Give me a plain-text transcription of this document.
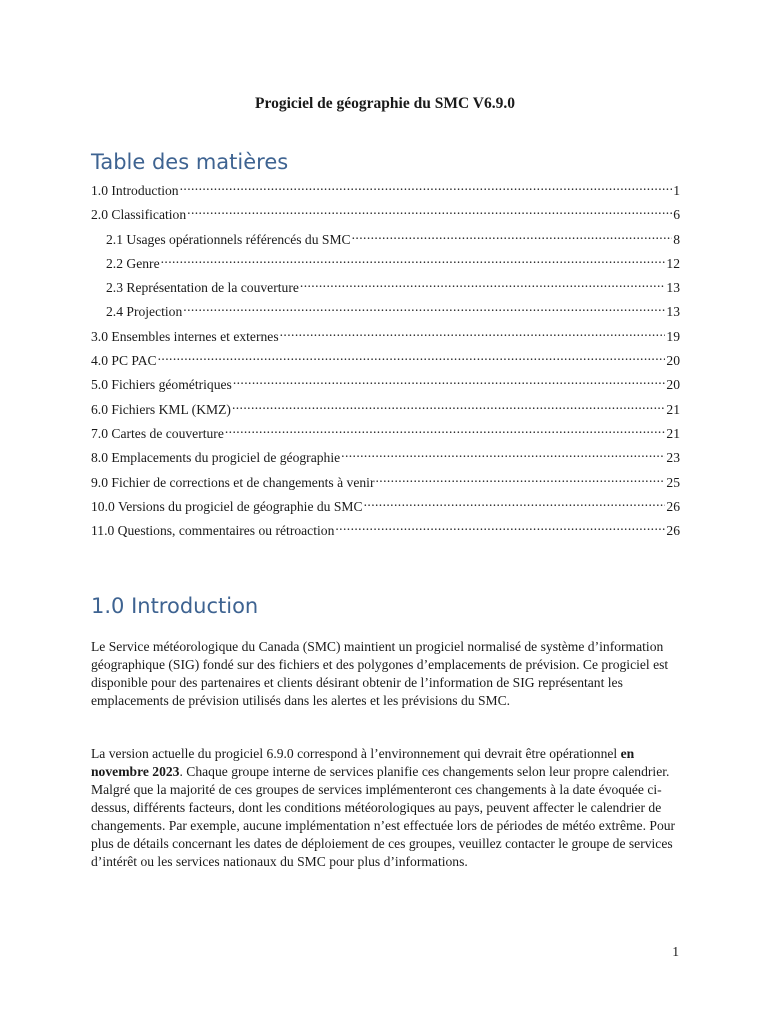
Progiciel de géographie du SMC V6.9.0
Table des matières
1.0 Introduction .....	1
2.0 Classification .....	6
2.1 Usages opérationnels référencés du SMC .....	8
2.2 Genre .....	12
2.3 Représentation de la couverture .....	13
2.4 Projection .....	13
3.0 Ensembles internes et externes .....	19
4.0 PC PAC .....	20
5.0 Fichiers géométriques .....	20
6.0 Fichiers KML (KMZ) .....	21
7.0 Cartes de couverture .....	21
8.0 Emplacements du progiciel de géographie .....	23
9.0 Fichier de corrections et de changements à venir .....	25
10.0 Versions du progiciel de géographie du SMC .....	26
11.0 Questions, commentaires ou rétroaction .....	26
1.0 Introduction

Le Service météorologique du Canada (SMC) maintient un progiciel normalisé de système d’information géographique (SIG) fondé sur des fichiers et des polygones d’emplacements de prévision. Ce progiciel est disponible pour des partenaires et clients désirant obtenir de l’information de SIG représentant les emplacements de prévision utilisés dans les alertes et les prévisions du SMC.

La version actuelle du progiciel 6.9.0 correspond à l’environnement qui devrait être opérationnel en novembre 2023. Chaque groupe interne de services planifie ces changements selon leur propre calendrier. Malgré que la majorité de ces groupes de services implémenteront ces changements à la date évoquée ci-dessus, différents facteurs, dont les conditions météorologiques au pays, peuvent affecter le calendrier de changements. Par exemple, aucune implémentation n’est effectuée lors de périodes de météo extrême. Pour plus de détails concernant les dates de déploiement de ces groupes, veuillez contacter le groupe de services d’intérêt ou les services nationaux du SMC pour plus d’informations.

1
